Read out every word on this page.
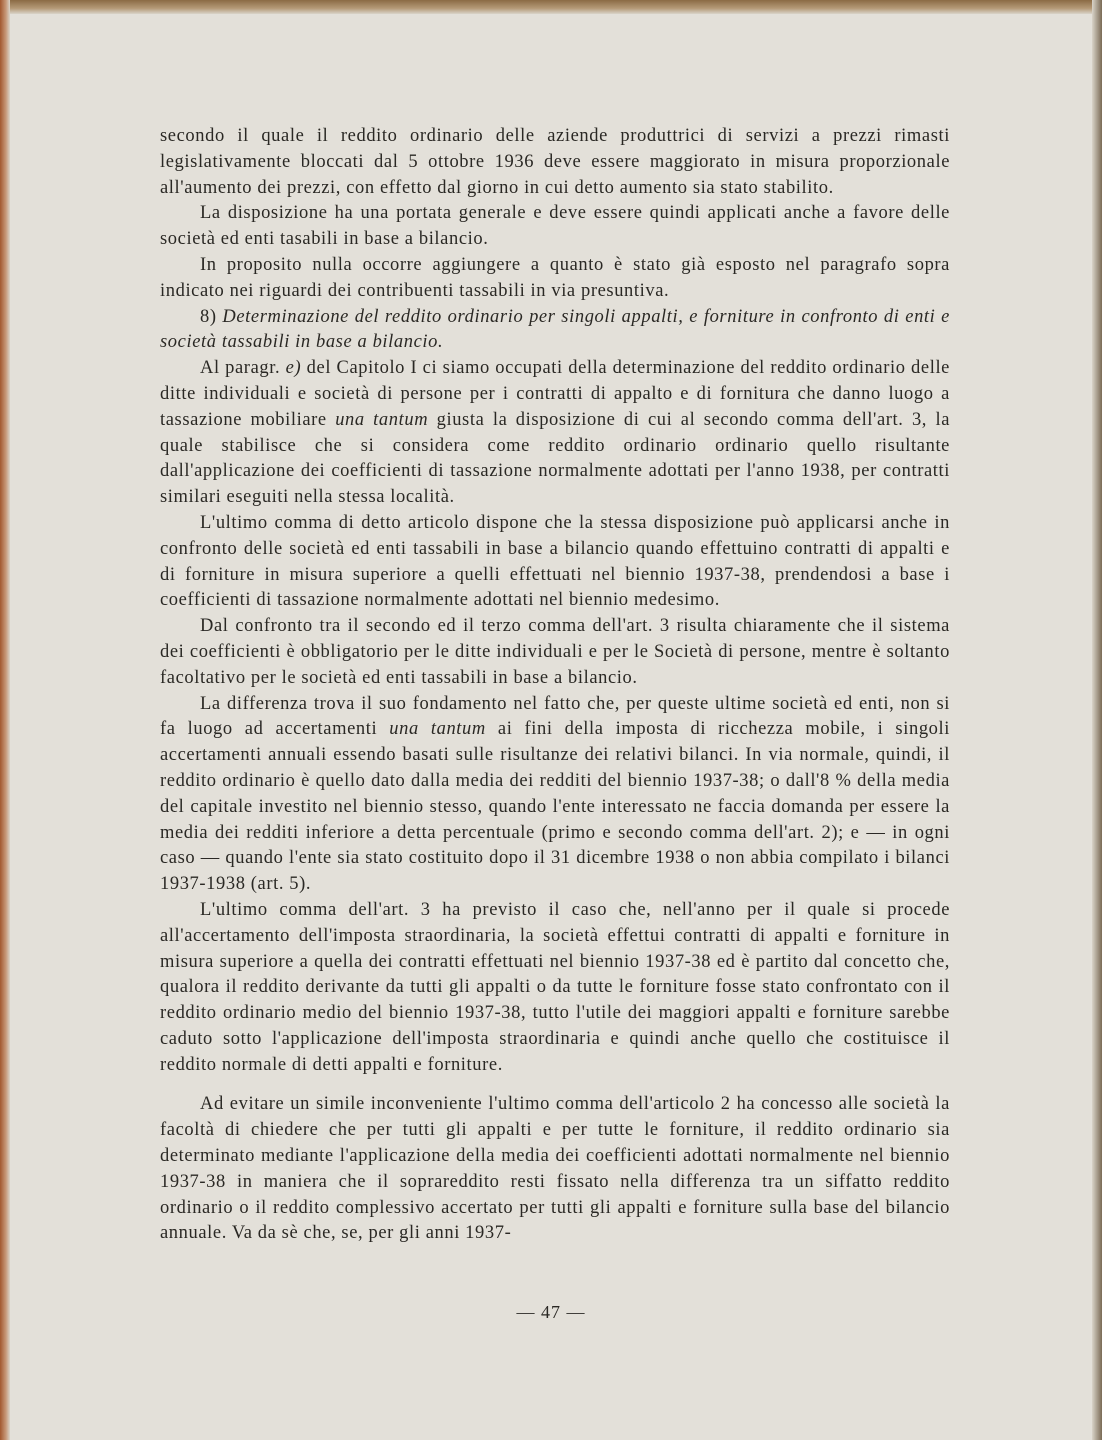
secondo il quale il reddito ordinario delle aziende produttrici di servizi a prezzi rimasti legislativamente bloccati dal 5 ottobre 1936 deve essere maggiorato in misura proporzionale all'aumento dei prezzi, con effetto dal giorno in cui detto aumento sia stato stabilito.

La disposizione ha una portata generale e deve essere quindi applicati anche a favore delle società ed enti tasabili in base a bilancio.

In proposito nulla occorre aggiungere a quanto è stato già esposto nel paragrafo sopra indicato nei riguardi dei contribuenti tassabili in via presuntiva.

8) Determinazione del reddito ordinario per singoli appalti, e forniture in confronto di enti e società tassabili in base a bilancio.

Al paragr. e) del Capitolo I ci siamo occupati della determinazione del reddito ordinario delle ditte individuali e società di persone per i contratti di appalto e di fornitura che danno luogo a tassazione mobiliare una tantum giusta la disposizione di cui al secondo comma dell'art. 3, la quale stabilisce che si considera come reddito ordinario ordinario quello risultante dall'applicazione dei coefficienti di tassazione normalmente adottati per l'anno 1938, per contratti similari eseguiti nella stessa località.

L'ultimo comma di detto articolo dispone che la stessa disposizione può applicarsi anche in confronto delle società ed enti tassabili in base a bilancio quando effettuino contratti di appalti e di forniture in misura superiore a quelli effettuati nel biennio 1937-38, prendendosi a base i coefficienti di tassazione normalmente adottati nel biennio medesimo.

Dal confronto tra il secondo ed il terzo comma dell'art. 3 risulta chiaramente che il sistema dei coefficienti è obbligatorio per le ditte individuali e per le Società di persone, mentre è soltanto facoltativo per le società ed enti tassabili in base a bilancio.

La differenza trova il suo fondamento nel fatto che, per queste ultime società ed enti, non si fa luogo ad accertamenti una tantum ai fini della imposta di ricchezza mobile, i singoli accertamenti annuali essendo basati sulle risultanze dei relativi bilanci. In via normale, quindi, il reddito ordinario è quello dato dalla media dei redditi del biennio 1937-38; o dall'8 % della media del capitale investito nel biennio stesso, quando l'ente interessato ne faccia domanda per essere la media dei redditi inferiore a detta percentuale (primo e secondo comma dell'art. 2); e — in ogni caso — quando l'ente sia stato costituito dopo il 31 dicembre 1938 o non abbia compilato i bilanci 1937-1938 (art. 5).

L'ultimo comma dell'art. 3 ha previsto il caso che, nell'anno per il quale si procede all'accertamento dell'imposta straordinaria, la società effettui contratti di appalti e forniture in misura superiore a quella dei contratti effettuati nel biennio 1937-38 ed è partito dal concetto che, qualora il reddito derivante da tutti gli appalti o da tutte le forniture fosse stato confrontato con il reddito ordinario medio del biennio 1937-38, tutto l'utile dei maggiori appalti e forniture sarebbe caduto sotto l'applicazione dell'imposta straordinaria e quindi anche quello che costituisce il reddito normale di detti appalti e forniture.

Ad evitare un simile inconveniente l'ultimo comma dell'articolo 2 ha concesso alle società la facoltà di chiedere che per tutti gli appalti e per tutte le forniture, il reddito ordinario sia determinato mediante l'applicazione della media dei coefficienti adottati normalmente nel biennio 1937-38 in maniera che il soprareddito resti fissato nella differenza tra un siffatto reddito ordinario o il reddito complessivo accertato per tutti gli appalti e forniture sulla base del bilancio annuale. Va da sè che, se, per gli anni 1937-

— 47 —
